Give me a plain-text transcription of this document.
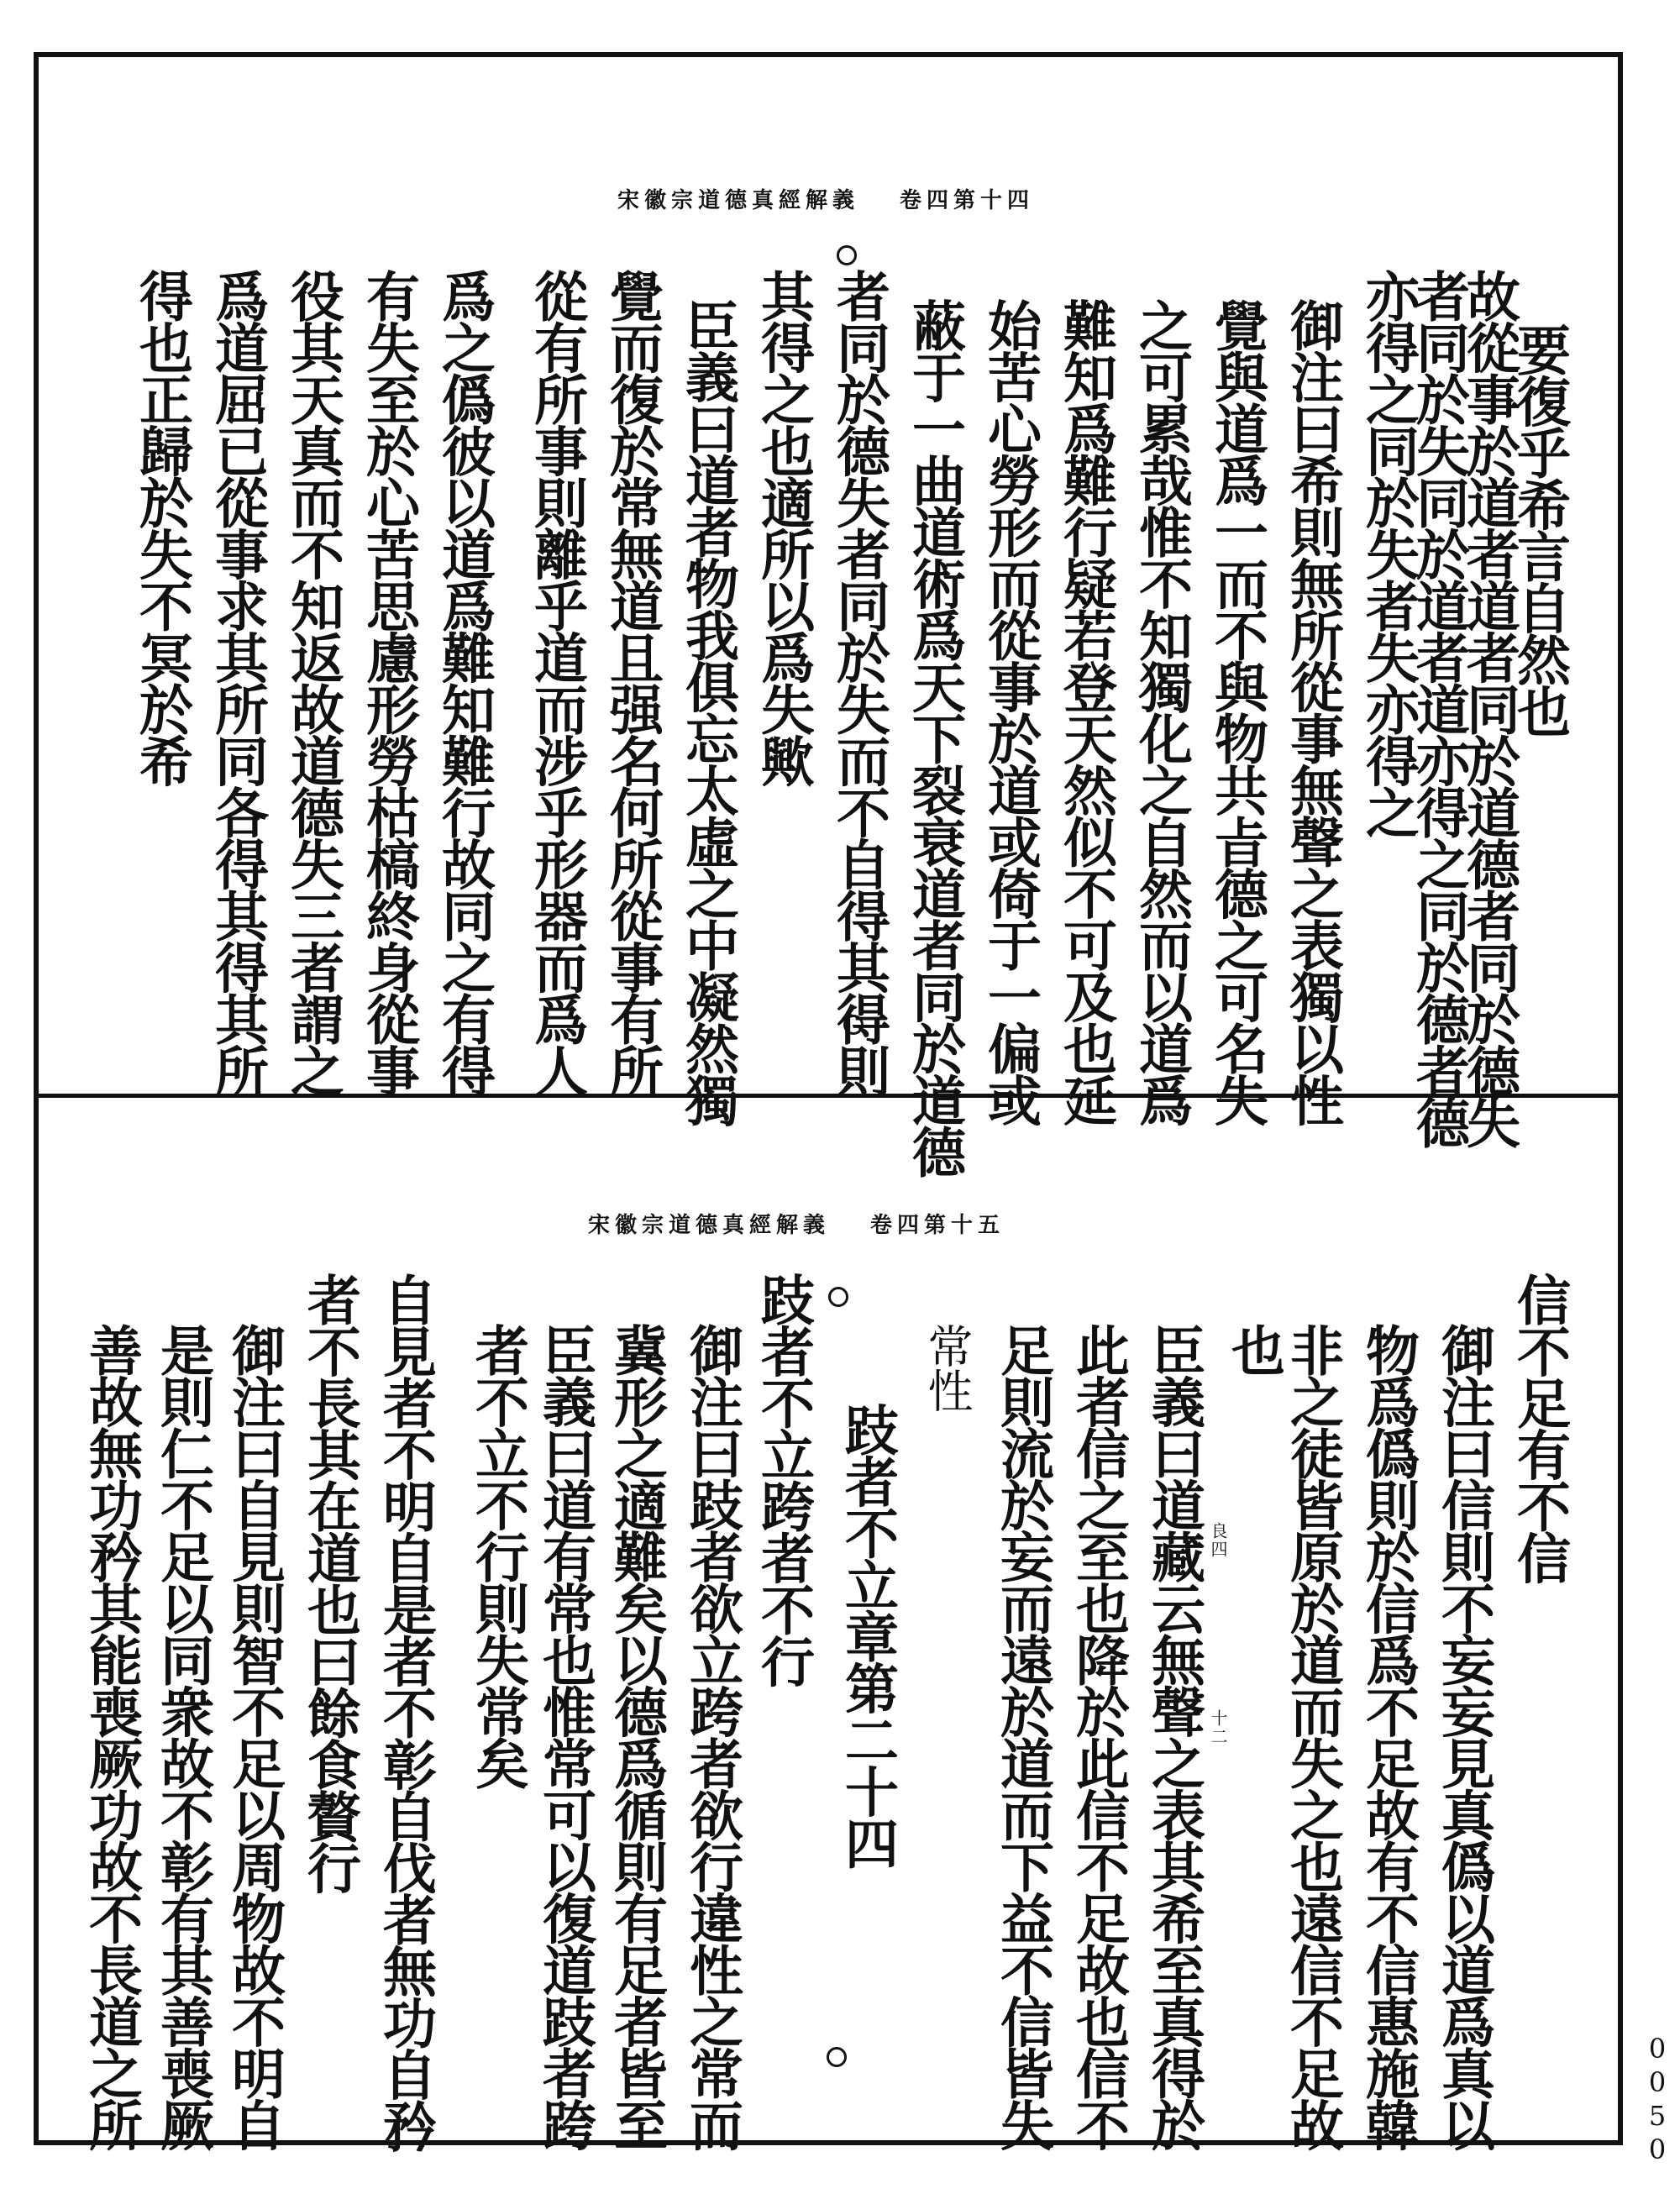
宋徽宗道德真經解義 卷四第十四
要復乎希言自然也
故從事於道者道者同於道德者同於德失
者同於失同於道者道亦得之同於德者德
亦得之同於失者失亦得之
御注曰希則無所從事無聲之表獨以性
覺與道爲一而不與物共㫖德之可名失
之可累哉惟不知獨化之自然而以道爲
難知爲難行疑若登天然似不可及也延
始苦心勞形而從事於道或倚于一偏或
蔽于一曲道術爲天下裂衰道者同於道德
者同於德失者同於失而不自得其得則
其得之也適所以爲失歟
臣義曰道者物我俱忘太虛之中凝然獨
覺而復於常無道且强名何所從事有所
從有所事則離乎道而涉乎形器而爲人
爲之僞彼以道爲難知難行故同之有得
有失至於心苦思慮形勞枯槁終身從事
役其天真而不知返故道德失三者謂之
爲道屈已從事求其所同各得其得其所
得也正歸於失不冥於希
宋徽宗道德真經解義 卷四第十五
信不足有不信
御注曰信則不妄妄見真僞以道爲真以
物爲僞則於信爲不足故有不信惠施韓
非之徒皆原於道而失之也遠信不足故
也
臣義曰道藏云無聲之表其希至真得於
此者信之至也降於此信不足故也信不
足則流於妄而遠於道而下益不信皆失
常性
跂者不立章第二十四
跂者不立跨者不行
御注曰跂者欲立跨者欲行違性之常而
冀形之適難矣以德爲循則有足者皆至
臣義曰道有常也惟常可以復道跂者跨
者不立不行則失常矣
自見者不明自是者不彰自伐者無功自矜
者不長其在道也曰餘食贅行
御注曰自見則智不足以周物故不明自
是則仁不足以同衆故不彰有其善喪厥
善故無功矜其能喪厥功故不長道之所	良四
十二
0050
